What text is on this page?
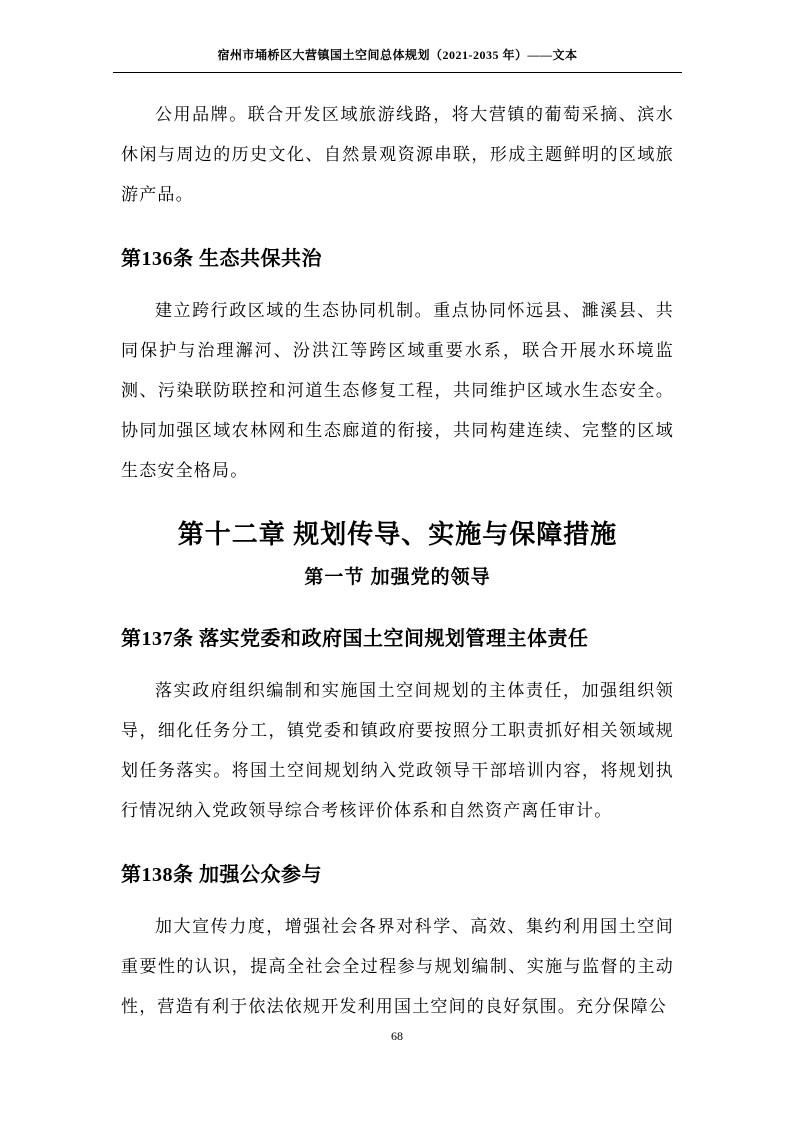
宿州市埇桥区大营镇国土空间总体规划（2021-2035 年）——文本

公用品牌。联合开发区域旅游线路，将大营镇的葡萄采摘、滨水休闲与周边的历史文化、自然景观资源串联，形成主题鲜明的区域旅游产品。

第136条 生态共保共治

建立跨行政区域的生态协同机制。重点协同怀远县、濉溪县、共同保护与治理澥河、汾洪江等跨区域重要水系，联合开展水环境监测、污染联防联控和河道生态修复工程，共同维护区域水生态安全。协同加强区域农林网和生态廊道的衔接，共同构建连续、完整的区域生态安全格局。

第十二章 规划传导、实施与保障措施
第一节 加强党的领导
第137条 落实党委和政府国土空间规划管理主体责任

落实政府组织编制和实施国土空间规划的主体责任，加强组织领导，细化任务分工，镇党委和镇政府要按照分工职责抓好相关领域规划任务落实。将国土空间规划纳入党政领导干部培训内容，将规划执行情况纳入党政领导综合考核评价体系和自然资产离任审计。

第138条 加强公众参与

加大宣传力度，增强社会各界对科学、高效、集约利用国土空间重要性的认识，提高全社会全过程参与规划编制、实施与监督的主动性，营造有利于依法依规开发利用国土空间的良好氛围。充分保障公

68
